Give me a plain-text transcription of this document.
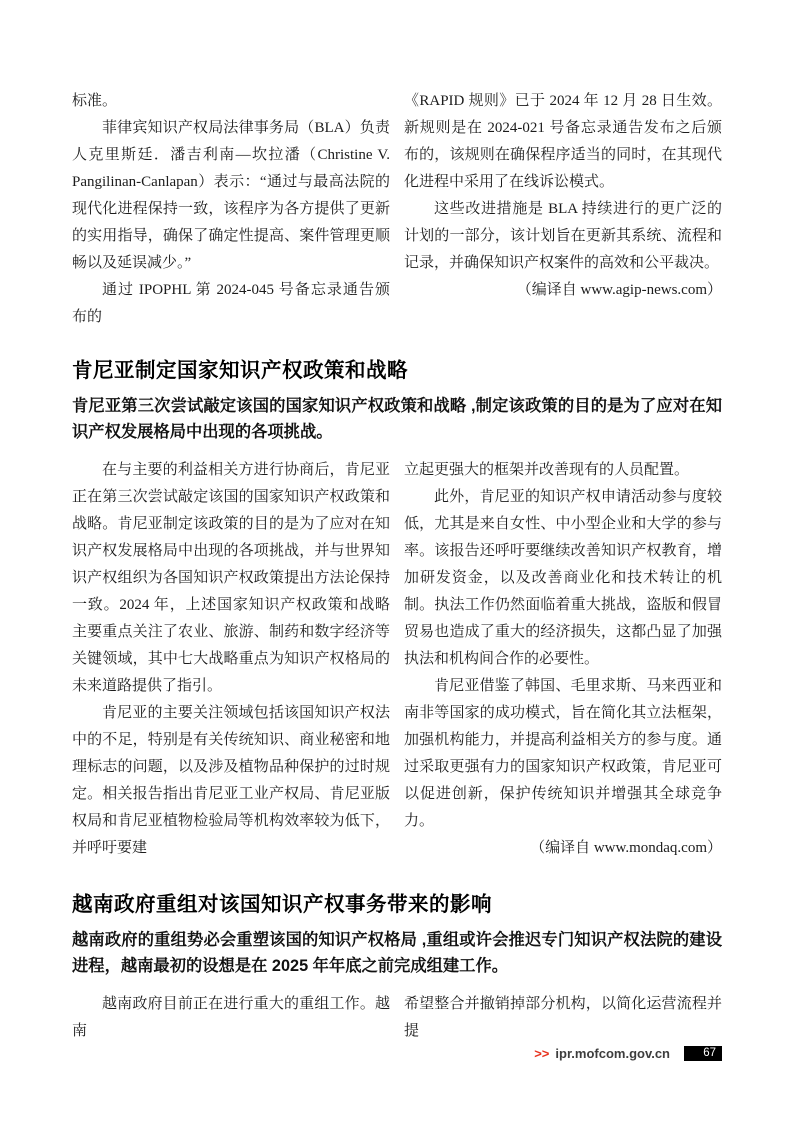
标准。

菲律宾知识产权局法律事务局（BLA）负责人克里斯廷．潘吉利南—坎拉潘（Christine V. Pangilinan-Canlapan）表示：“通过与最高法院的现代化进程保持一致，该程序为各方提供了更新的实用指导，确保了确定性提高、案件管理更顺畅以及延误减少。”

通过 IPOPHL 第 2024-045 号备忘录通告颁布的

《RAPID 规则》已于 2024 年 12 月 28 日生效。新规则是在 2024-021 号备忘录通告发布之后颁布的，该规则在确保程序适当的同时，在其现代化进程中采用了在线诉讼模式。

这些改进措施是 BLA 持续进行的更广泛的计划的一部分，该计划旨在更新其系统、流程和记录，并确保知识产权案件的高效和公平裁决。

（编译自 www.agip-news.com）

肯尼亚制定国家知识产权政策和战略

肯尼亚第三次尝试敲定该国的国家知识产权政策和战略 ,制定该政策的目的是为了应对在知识产权发展格局中出现的各项挑战。

在与主要的利益相关方进行协商后，肯尼亚正在第三次尝试敲定该国的国家知识产权政策和战略。肯尼亚制定该政策的目的是为了应对在知识产权发展格局中出现的各项挑战，并与世界知识产权组织为各国知识产权政策提出方法论保持一致。2024 年，上述国家知识产权政策和战略主要重点关注了农业、旅游、制药和数字经济等关键领域，其中七大战略重点为知识产权格局的未来道路提供了指引。

肯尼亚的主要关注领域包括该国知识产权法中的不足，特别是有关传统知识、商业秘密和地理标志的问题，以及涉及植物品种保护的过时规定。相关报告指出肯尼亚工业产权局、肯尼亚版权局和肯尼亚植物检验局等机构效率较为低下，并呼吁要建

立起更强大的框架并改善现有的人员配置。

此外，肯尼亚的知识产权申请活动参与度较低，尤其是来自女性、中小型企业和大学的参与率。该报告还呼吁要继续改善知识产权教育，增加研发资金，以及改善商业化和技术转让的机制。执法工作仍然面临着重大挑战，盗版和假冒贸易也造成了重大的经济损失，这都凸显了加强执法和机构间合作的必要性。

肯尼亚借鉴了韩国、毛里求斯、马来西亚和南非等国家的成功模式，旨在简化其立法框架，加强机构能力，并提高利益相关方的参与度。通过采取更强有力的国家知识产权政策，肯尼亚可以促进创新，保护传统知识并增强其全球竞争力。

（编译自 www.mondaq.com）

越南政府重组对该国知识产权事务带来的影响

越南政府的重组势必会重塑该国的知识产权格局 ,重组或许会推迟专门知识产权法院的建设进程，越南最初的设想是在 2025 年年底之前完成组建工作。

越南政府目前正在进行重大的重组工作。越南

希望整合并撤销掉部分机构，以简化运营流程并提

>> ipr.mofcom.gov.cn	67
